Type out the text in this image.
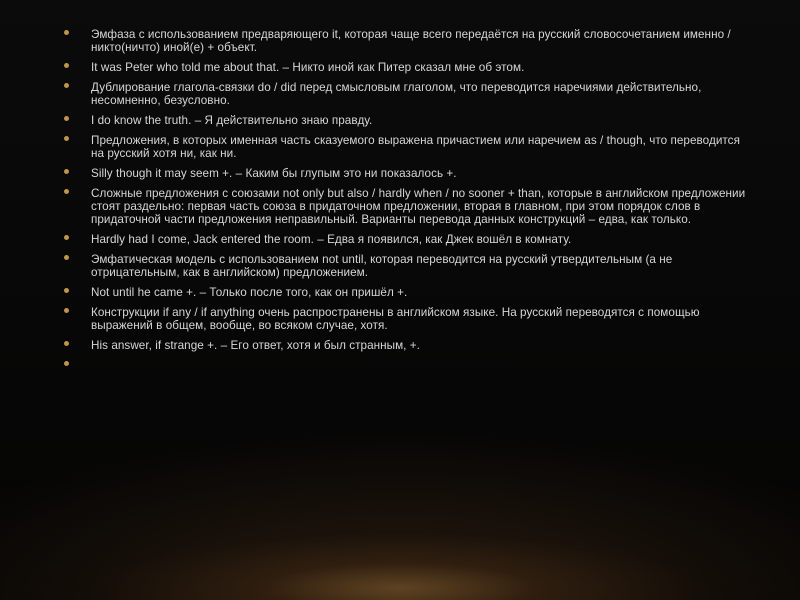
Эмфаза с использованием предваряющего it, которая чаще всего передаётся на русский словосочетанием именно / никто(ничто) иной(е) + объект.
It was Peter who told me about that. – Никто иной как Питер сказал мне об этом.
Дублирование глагола-связки do / did перед смысловым глаголом, что переводится наречиями действительно, несомненно, безусловно.
I do know the truth. – Я действительно знаю правду.
Предложения, в которых именная часть сказуемого выражена причастием или наречием as / though, что переводится на русский хотя ни, как ни.
Silly though it may seem +. – Каким бы глупым это ни показалось +.
Сложные предложения с союзами not only but also / hardly when / no sooner + than, которые в английском предложении стоят раздельно: первая часть союза в придаточном предложении, вторая в главном, при этом порядок слов в придаточной части предложения неправильный. Варианты перевода данных конструкций – едва, как только.
Hardly had I come, Jack entered the room. – Едва я появился, как Джек вошёл в комнату.
Эмфатическая модель с использованием not until, которая переводится на русский утвердительным (а не отрицательным, как в английском) предложением.
Not until he came +. – Только после того, как он пришёл +.
Конструкции if any / if anything очень распространены в английском языке. На русский переводятся с помощью выражений в общем, вообще, во всяком случае, хотя.
His answer, if strange +. – Его ответ, хотя и был странным, +.
